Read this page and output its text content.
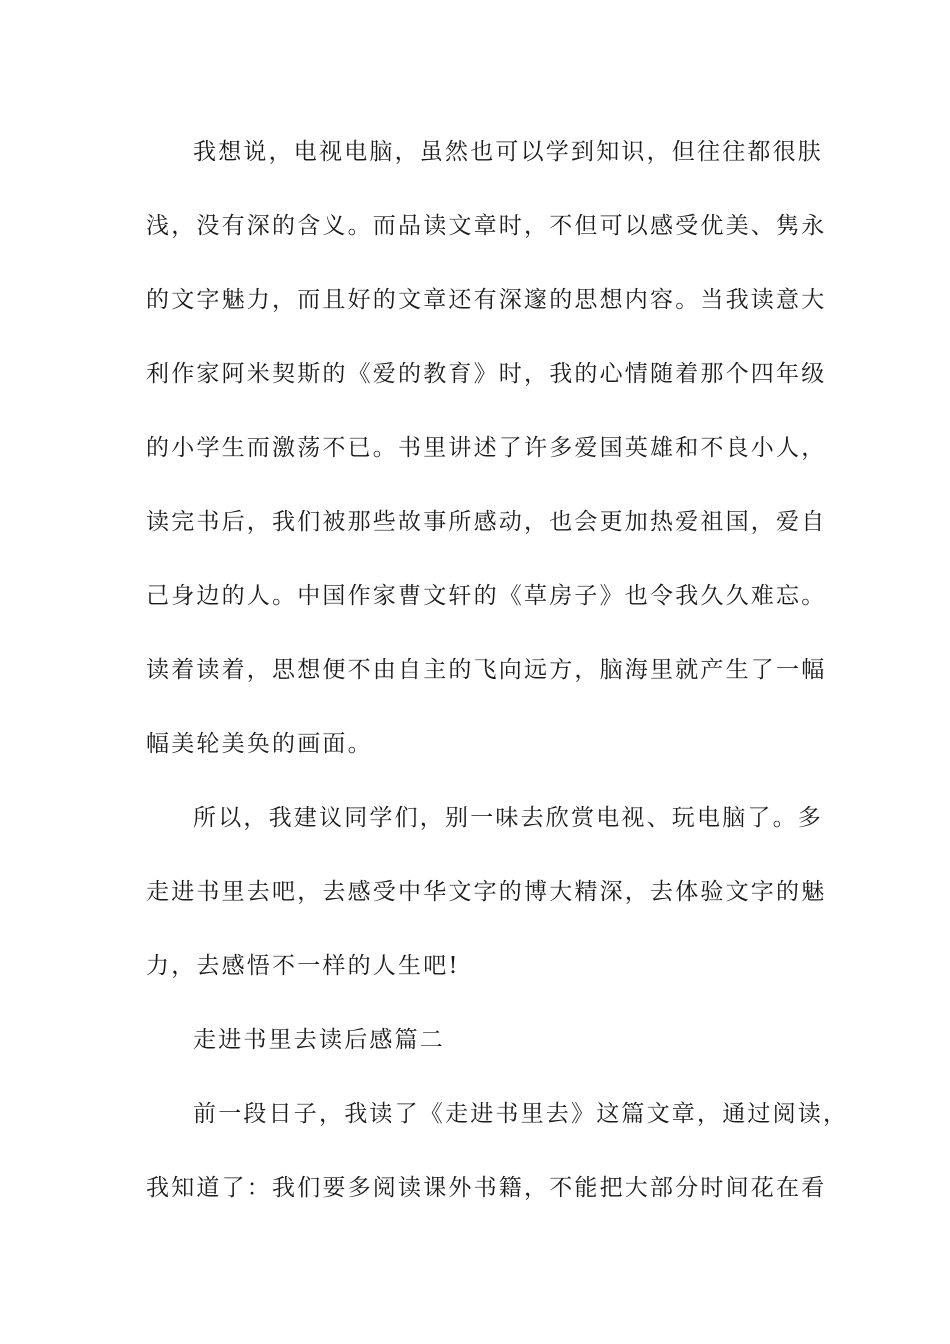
我想说，电视电脑，虽然也可以学到知识，但往往都很肤
浅，没有深的含义。而品读文章时，不但可以感受优美、隽永
的文字魅力，而且好的文章还有深邃的思想内容。当我读意大
利作家阿米契斯的《爱的教育》时，我的心情随着那个四年级
的小学生而激荡不已。书里讲述了许多爱国英雄和不良小人，
读完书后，我们被那些故事所感动，也会更加热爱祖国，爱自
己身边的人。中国作家曹文轩的《草房子》也令我久久难忘。
读着读着，思想便不由自主的飞向远方，脑海里就产生了一幅
幅美轮美奂的画面。
所以，我建议同学们，别一味去欣赏电视、玩电脑了。多
走进书里去吧，去感受中华文字的博大精深，去体验文字的魅
力，去感悟不一样的人生吧!
走进书里去读后感篇二
前一段日子，我读了《走进书里去》这篇文章，通过阅读，
我知道了：我们要多阅读课外书籍，不能把大部分时间花在看
